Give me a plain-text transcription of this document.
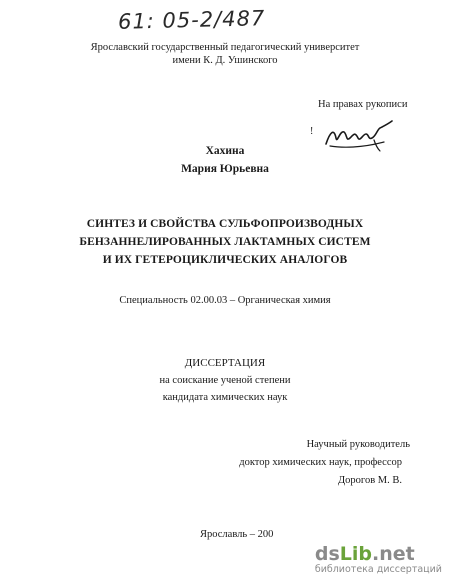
61: 05-2/487
Ярославский государственный педагогический университет
имени К. Д. Ушинского
На правах рукописи
!
Хахина
Мария Юрьевна
СИНТЕЗ И СВОЙСТВА СУЛЬФОПРОИЗВОДНЫХ
БЕНЗАННЕЛИРОВАННЫХ ЛАКТАМНЫХ СИСТЕМ
И ИХ ГЕТЕРОЦИКЛИЧЕСКИХ АНАЛОГОВ
Специальность 02.00.03 – Органическая химия
ДИССЕРТАЦИЯ
на соискание ученой степени
кандидата химических наук
Научный руководитель
доктор химических наук, профессор
Дорогов М. В.
Ярославль – 200
dsLib.net
библиотека диссертаций
